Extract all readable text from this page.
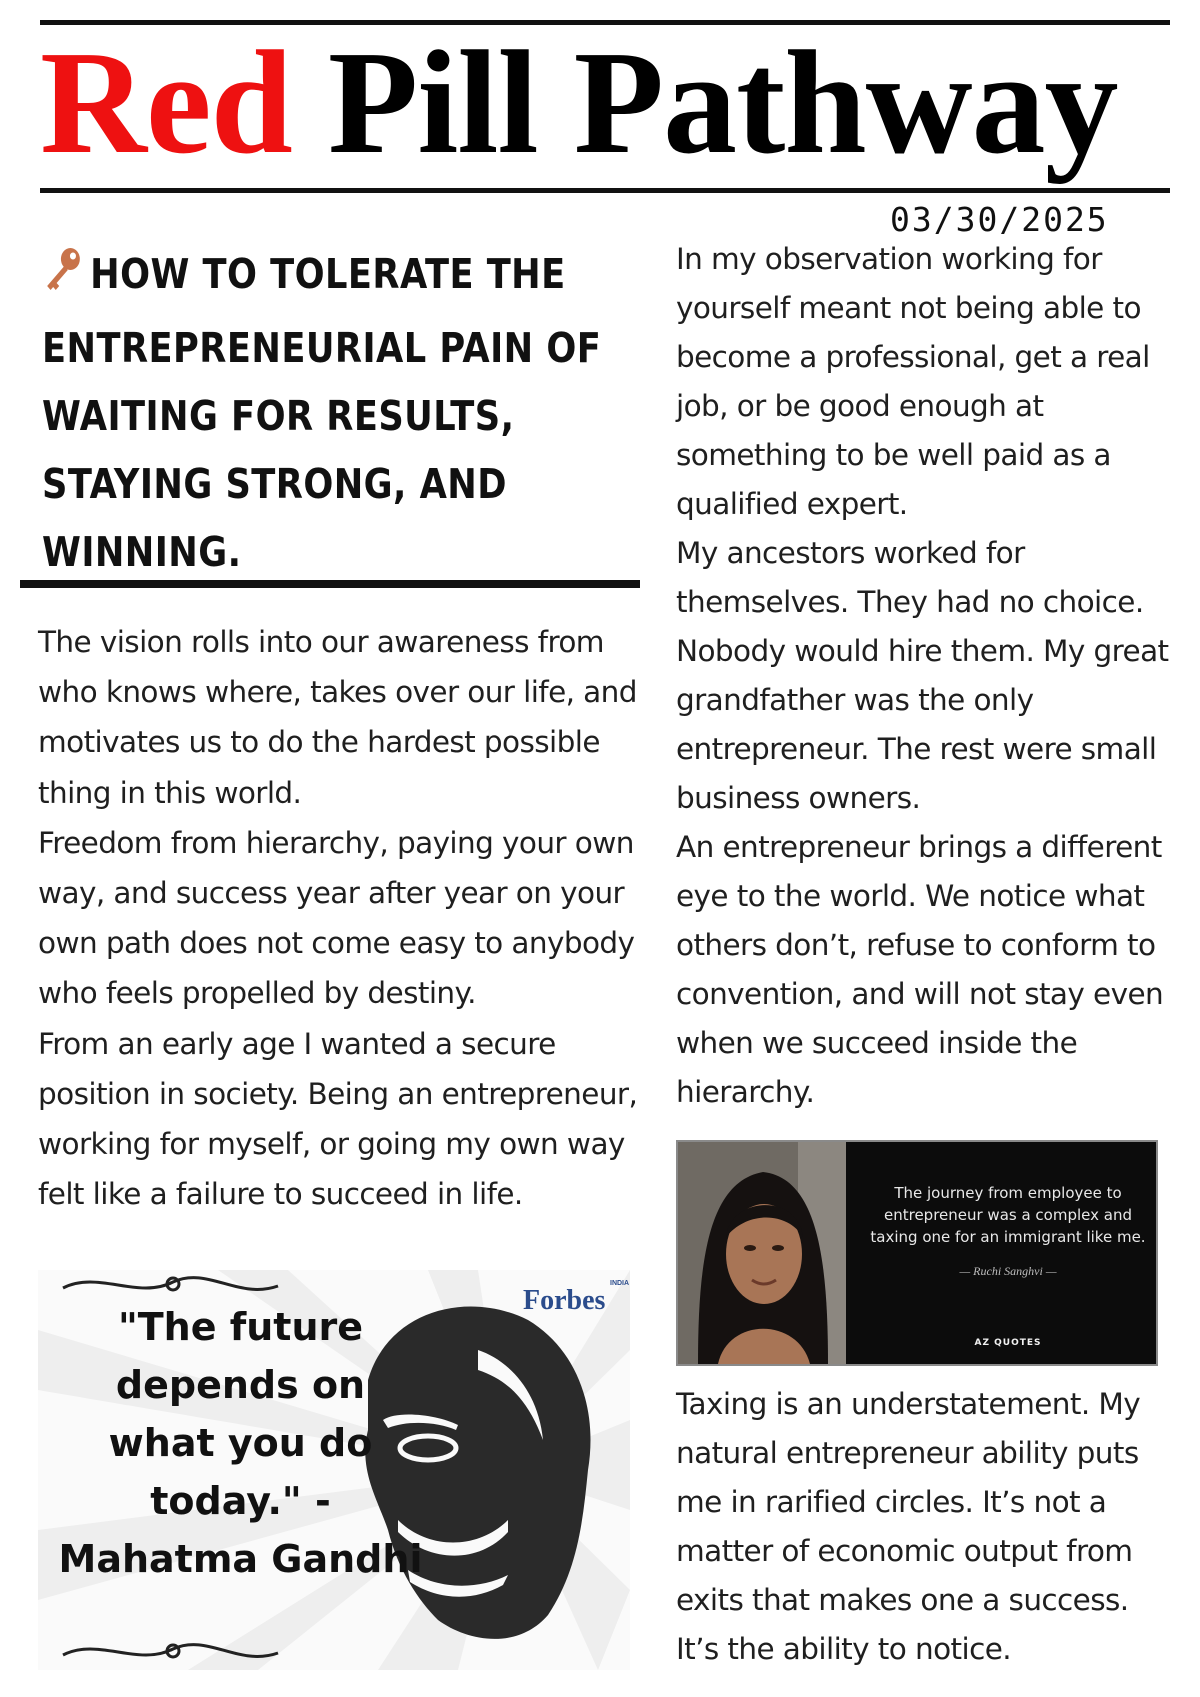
Red Pill Pathway
03/30/2025
HOW TO TOLERATE THE ENTREPRENEURIAL PAIN OF WAITING FOR RESULTS, STAYING STRONG, AND WINNING.

The vision rolls into our awareness from who knows where, takes over our life, and motivates us to do the hardest possible thing in this world.

Freedom from hierarchy, paying your own way, and success year after year on your own path does not come easy to anybody who feels propelled by destiny.

From an early age I wanted a secure position in society. Being an entrepreneur, working for myself, or going my own way felt like a failure to succeed in life.

In my observation working for yourself meant not being able to become a professional, get a real job, or be good enough at something to be well paid as a qualified expert.

My ancestors worked for themselves. They had no choice. Nobody would hire them. My great grandfather was the only entrepreneur. The rest were small business owners.

An entrepreneur brings a different eye to the world. We notice what others don’t, refuse to conform to convention, and will not stay even when we succeed inside the hierarchy.

The journey from employee to entrepreneur was a complex and taxing one for an immigrant like me.
— Ruchi Sanghvi —
AZ QUOTES

Taxing is an understatement. My natural entrepreneur ability puts me in rarified circles. It’s not a matter of economic output from exits that makes one a success. It’s the ability to notice.

"The future depends on what you do today." - Mahatma Gandhi
Forbes
INDIA
